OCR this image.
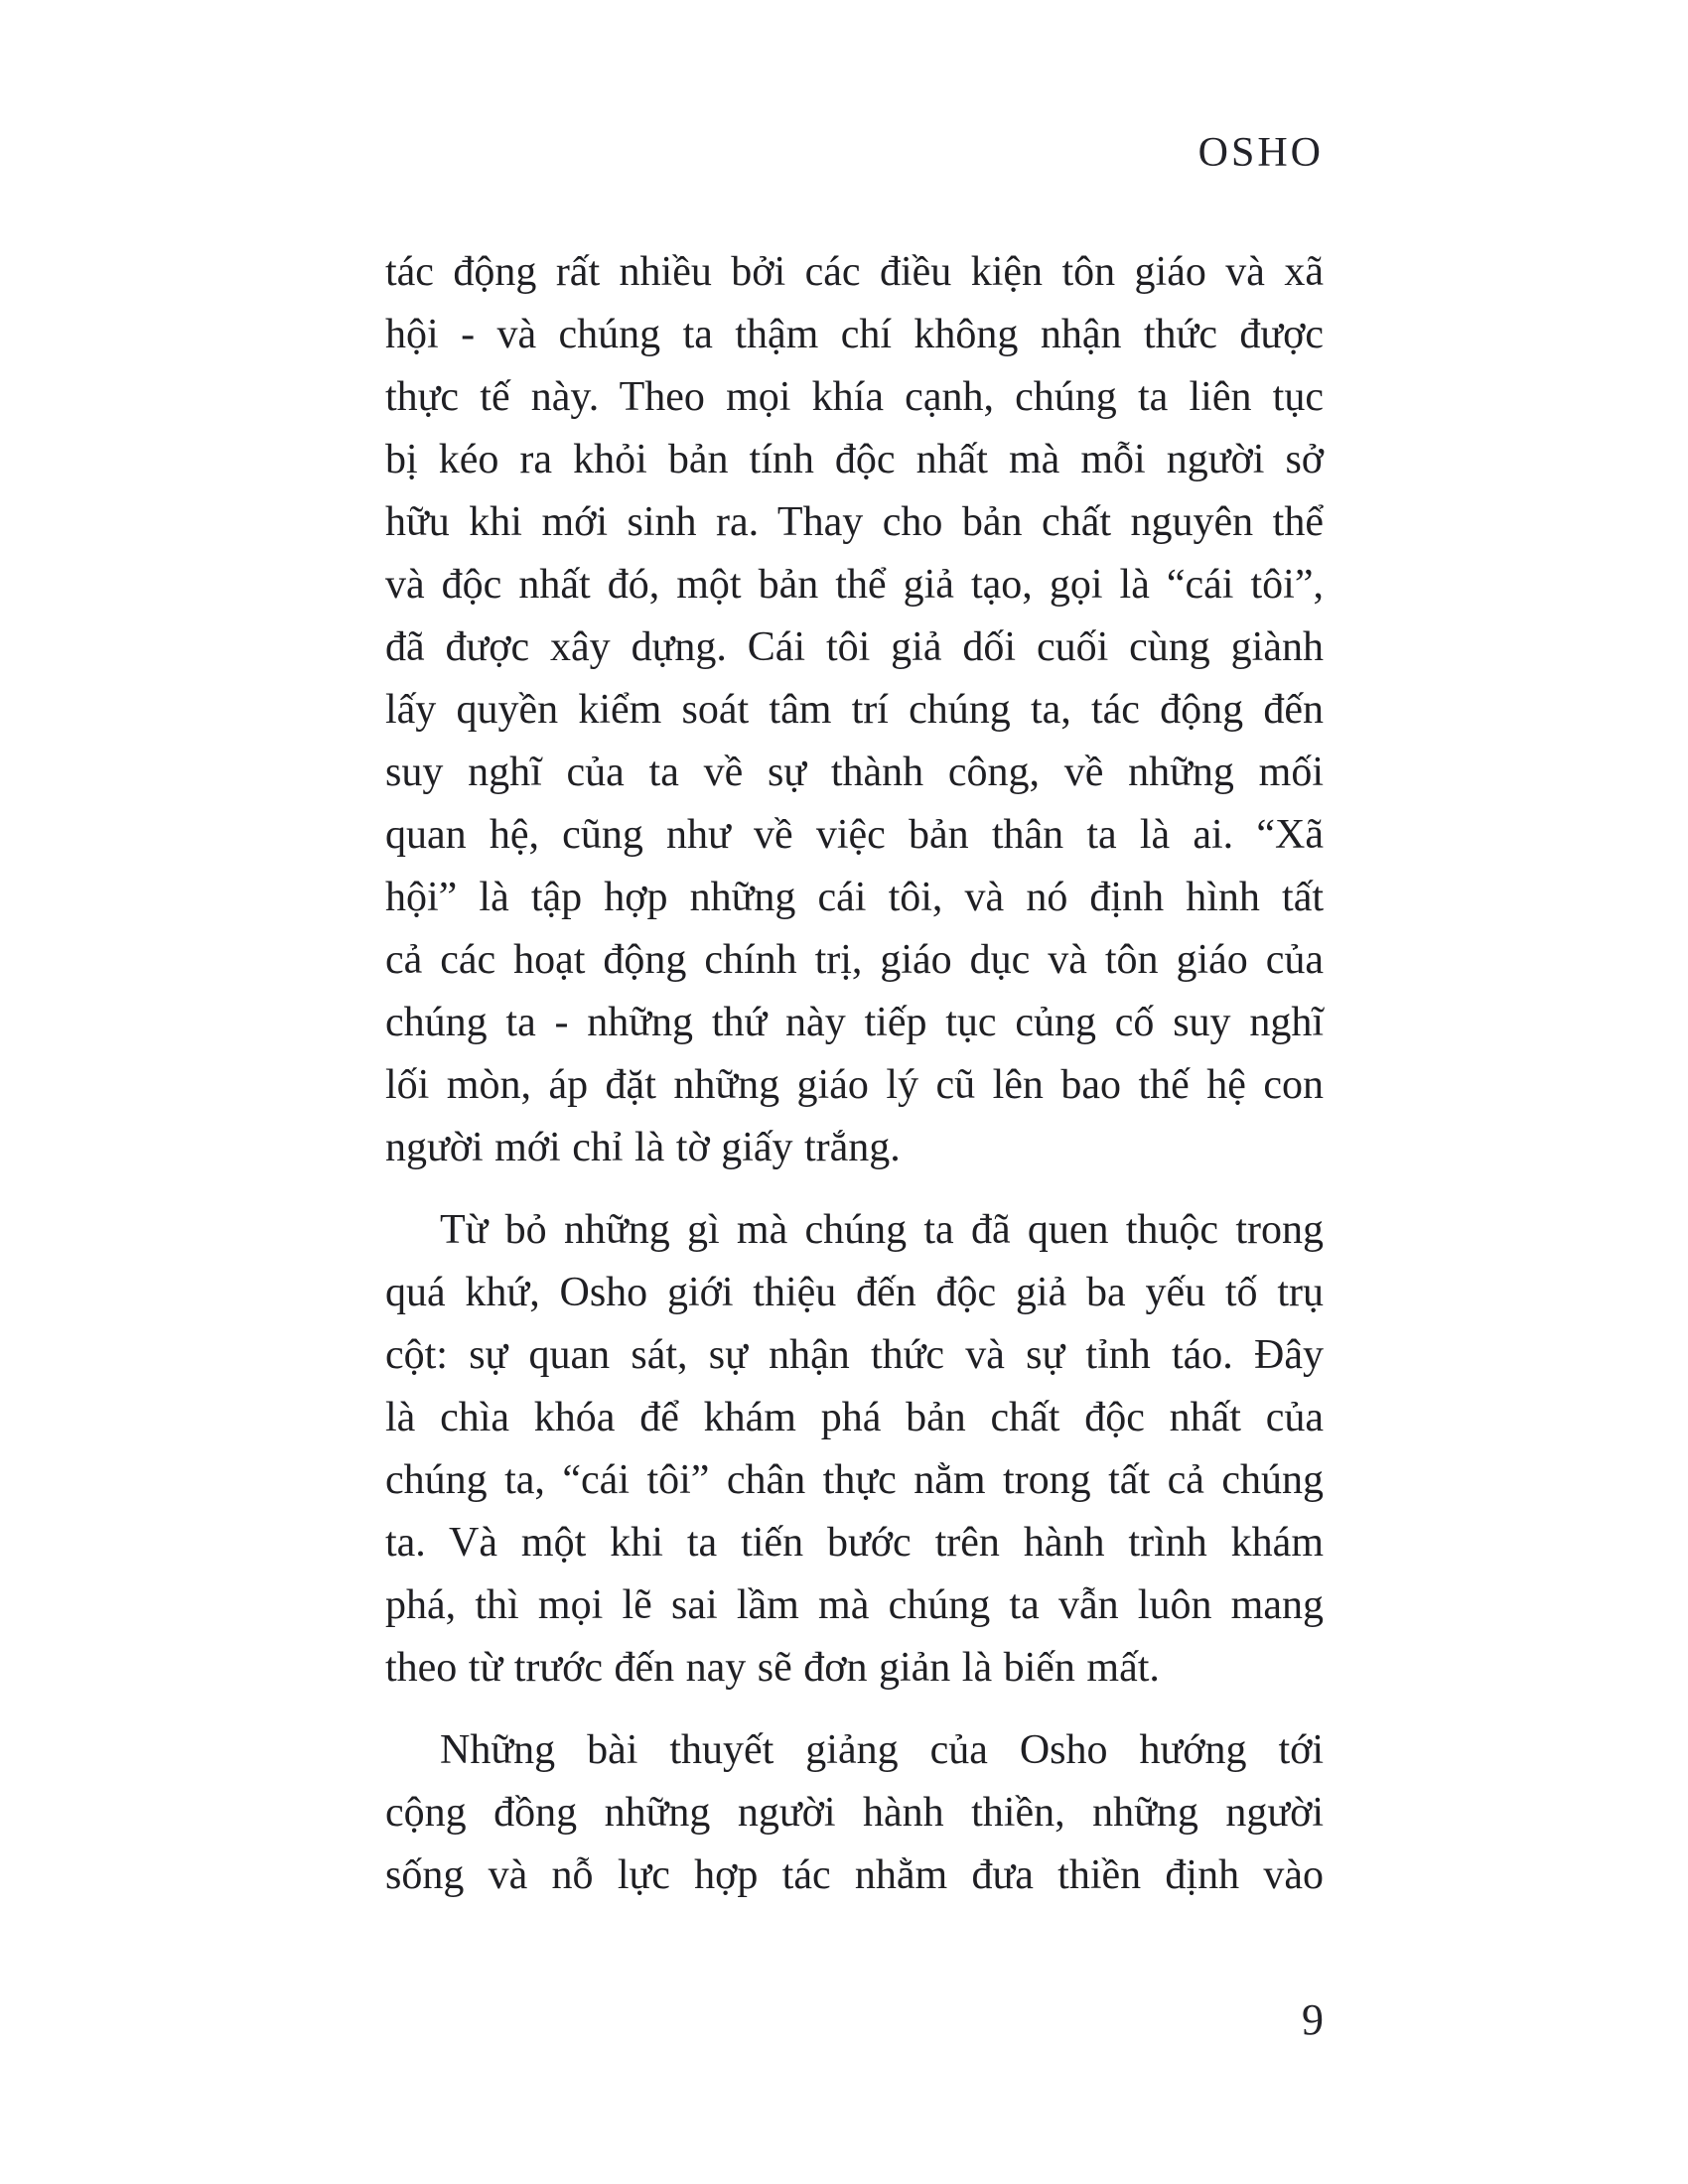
OSHO
tác động rất nhiều bởi các điều kiện tôn giáo và xã
hội - và chúng ta thậm chí không nhận thức được
thực tế này. Theo mọi khía cạnh, chúng ta liên tục
bị kéo ra khỏi bản tính độc nhất mà mỗi người sở
hữu khi mới sinh ra. Thay cho bản chất nguyên thể
và độc nhất đó, một bản thể giả tạo, gọi là “cái tôi”,
đã được xây dựng. Cái tôi giả dối cuối cùng giành
lấy quyền kiểm soát tâm trí chúng ta, tác động đến
suy nghĩ của ta về sự thành công, về những mối
quan hệ, cũng như về việc bản thân ta là ai. “Xã
hội” là tập hợp những cái tôi, và nó định hình tất
cả các hoạt động chính trị, giáo dục và tôn giáo của
chúng ta - những thứ này tiếp tục củng cố suy nghĩ
lối mòn, áp đặt những giáo lý cũ lên bao thế hệ con
người mới chỉ là tờ giấy trắng.
Từ bỏ những gì mà chúng ta đã quen thuộc trong
quá khứ, Osho giới thiệu đến độc giả ba yếu tố trụ
cột: sự quan sát, sự nhận thức và sự tỉnh táo. Đây
là chìa khóa để khám phá bản chất độc nhất của
chúng ta, “cái tôi” chân thực nằm trong tất cả chúng
ta. Và một khi ta tiến bước trên hành trình khám
phá, thì mọi lẽ sai lầm mà chúng ta vẫn luôn mang
theo từ trước đến nay sẽ đơn giản là biến mất.
Những bài thuyết giảng của Osho hướng tới
cộng đồng những người hành thiền, những người
sống và nỗ lực hợp tác nhằm đưa thiền định vào
9
